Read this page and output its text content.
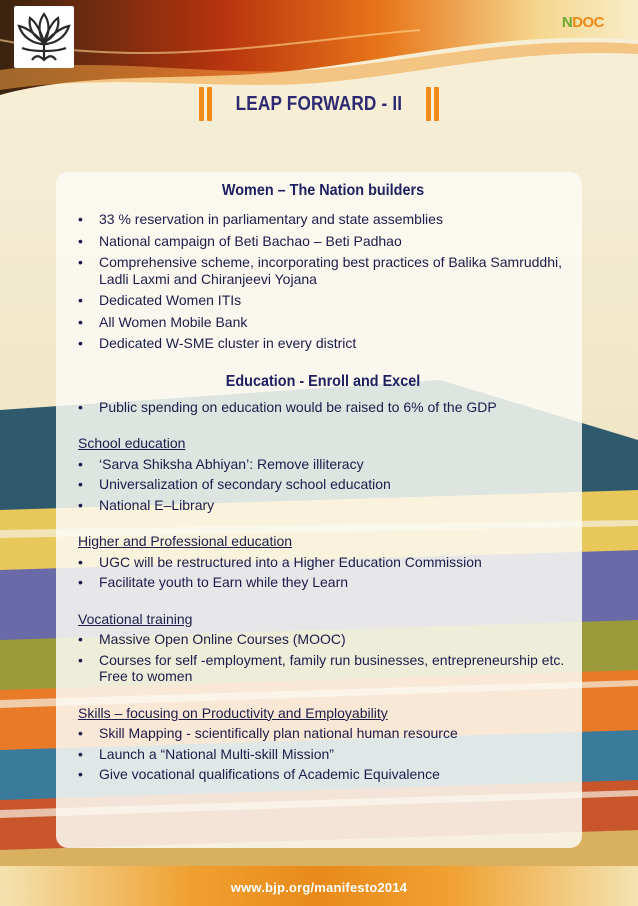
NDOC
LEAP FORWARD - II
Women – The Nation builders
• 33 % reservation in parliamentary and state assemblies
• National campaign of Beti Bachao – Beti Padhao
• Comprehensive scheme, incorporating best practices of Balika Samruddhi, Ladli Laxmi and Chiranjeevi Yojana
• Dedicated Women ITIs
• All Women Mobile Bank
• Dedicated W-SME cluster in every district
Education - Enroll and Excel
• Public spending on education would be raised to 6% of the GDP

School education

• ‘Sarva Shiksha Abhiyan’: Remove illiteracy
• Universalization of secondary school education
• National E–Library

Higher and Professional education

• UGC will be restructured into a Higher Education Commission
• Facilitate youth to Earn while they Learn

Vocational training

• Massive Open Online Courses (MOOC)
• Courses for self -employment, family run businesses, entrepreneurship etc. Free to women

Skills – focusing on Productivity and Employability

• Skill Mapping - scientifically plan national human resource
• Launch a “National Multi-skill Mission”
• Give vocational qualifications of Academic Equivalence
www.bjp.org/manifesto2014
